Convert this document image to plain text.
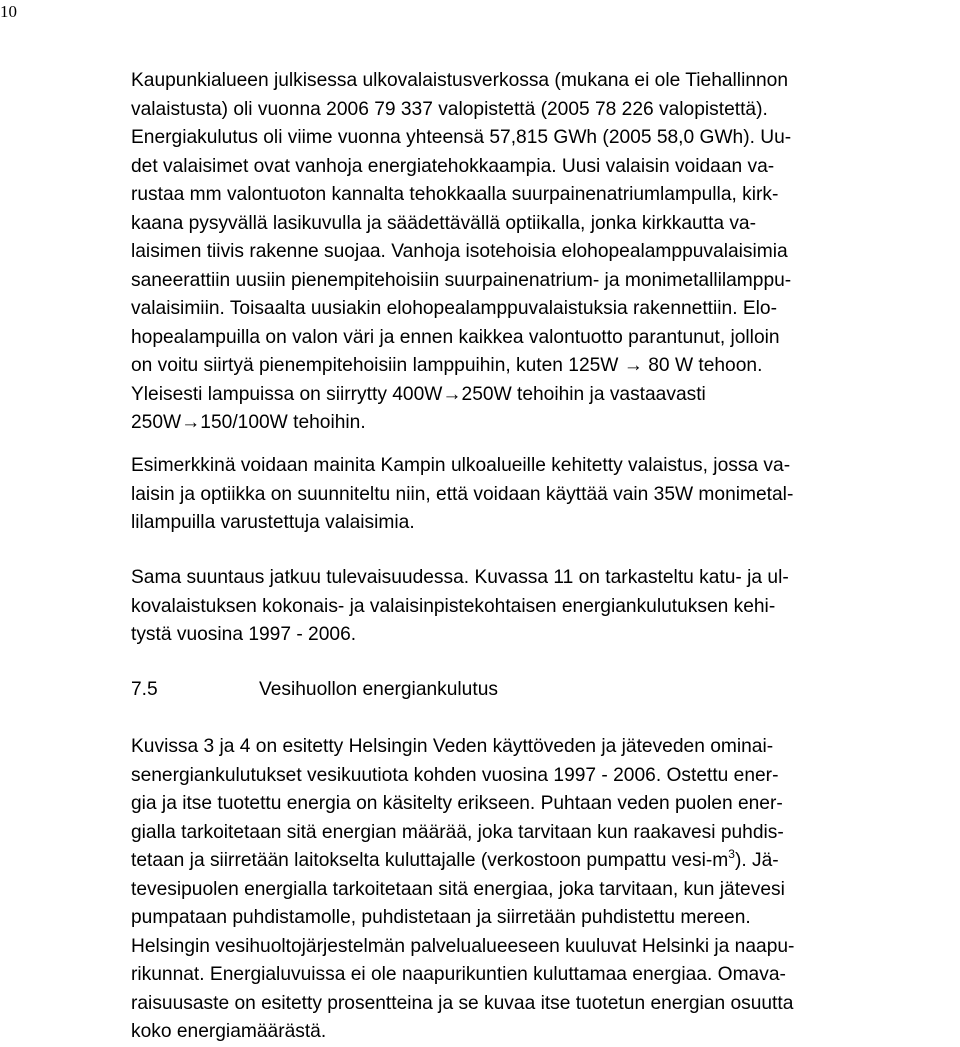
10
Kaupunkialueen julkisessa ulkovalaistusverkossa (mukana ei ole Tiehallinnon
valaistusta) oli vuonna 2006 79 337 valopistettä (2005 78 226 valopistettä).
Energiakulutus oli viime vuonna yhteensä 57,815 GWh (2005 58,0 GWh). Uu-
det valaisimet ovat vanhoja energiatehokkaampia. Uusi valaisin voidaan va-
rustaa mm valontuoton kannalta tehokkaalla suurpainenatriumlampulla, kirk-
kaana pysyvällä lasikuvulla ja säädettävällä optiikalla, jonka kirkkautta va-
laisimen tiivis rakenne suojaa. Vanhoja isotehoisia elohopealamppuvalaisimia
saneerattiin uusiin pienempitehoisiin suurpainenatrium- ja monimetallilamppu-
valaisimiin. Toisaalta uusiakin elohopealamppuvalaistuksia rakennettiin. Elo-
hopealampuilla on valon väri ja ennen kaikkea valontuotto parantunut, jolloin
on voitu siirtyä pienempitehoisiin lamppuihin, kuten 125W → 80 W tehoon.
Yleisesti lampuissa on siirrytty 400W→250W tehoihin ja vastaavasti
250W→150/100W tehoihin.
Esimerkkinä voidaan mainita Kampin ulkoalueille kehitetty valaistus, jossa va-
laisin ja optiikka on suunniteltu niin, että voidaan käyttää vain 35W monimetal-
lilampuilla varustettuja valaisimia.
Sama suuntaus jatkuu tulevaisuudessa. Kuvassa 11 on tarkasteltu katu- ja ul-
kovalaistuksen kokonais- ja valaisinpistekohtaisen energiankulutuksen kehi-
tystä vuosina 1997 - 2006.
7.5	Vesihuollon energiankulutus
Kuvissa 3 ja 4 on esitetty Helsingin Veden käyttöveden ja jäteveden ominai-
senergiankulutukset vesikuutiota kohden vuosina 1997 - 2006. Ostettu ener-
gia ja itse tuotettu energia on käsitelty erikseen. Puhtaan veden puolen ener-
gialla tarkoitetaan sitä energian määrää, joka tarvitaan kun raakavesi puhdis-
tetaan ja siirretään laitokselta kuluttajalle (verkostoon pumpattu vesi-$m^3$). Jä-
tevesipuolen energialla tarkoitetaan sitä energiaa, joka tarvitaan, kun jätevesi
pumpataan puhdistamolle, puhdistetaan ja siirretään puhdistettu mereen.
Helsingin vesihuoltojärjestelmän palvelualueeseen kuuluvat Helsinki ja naapu-
rikunnat. Energialuvuissa ei ole naapurikuntien kuluttamaa energiaa. Omava-
raisuusaste on esitetty prosentteina ja se kuvaa itse tuotetun energian osuutta
koko energiamäärästä.
